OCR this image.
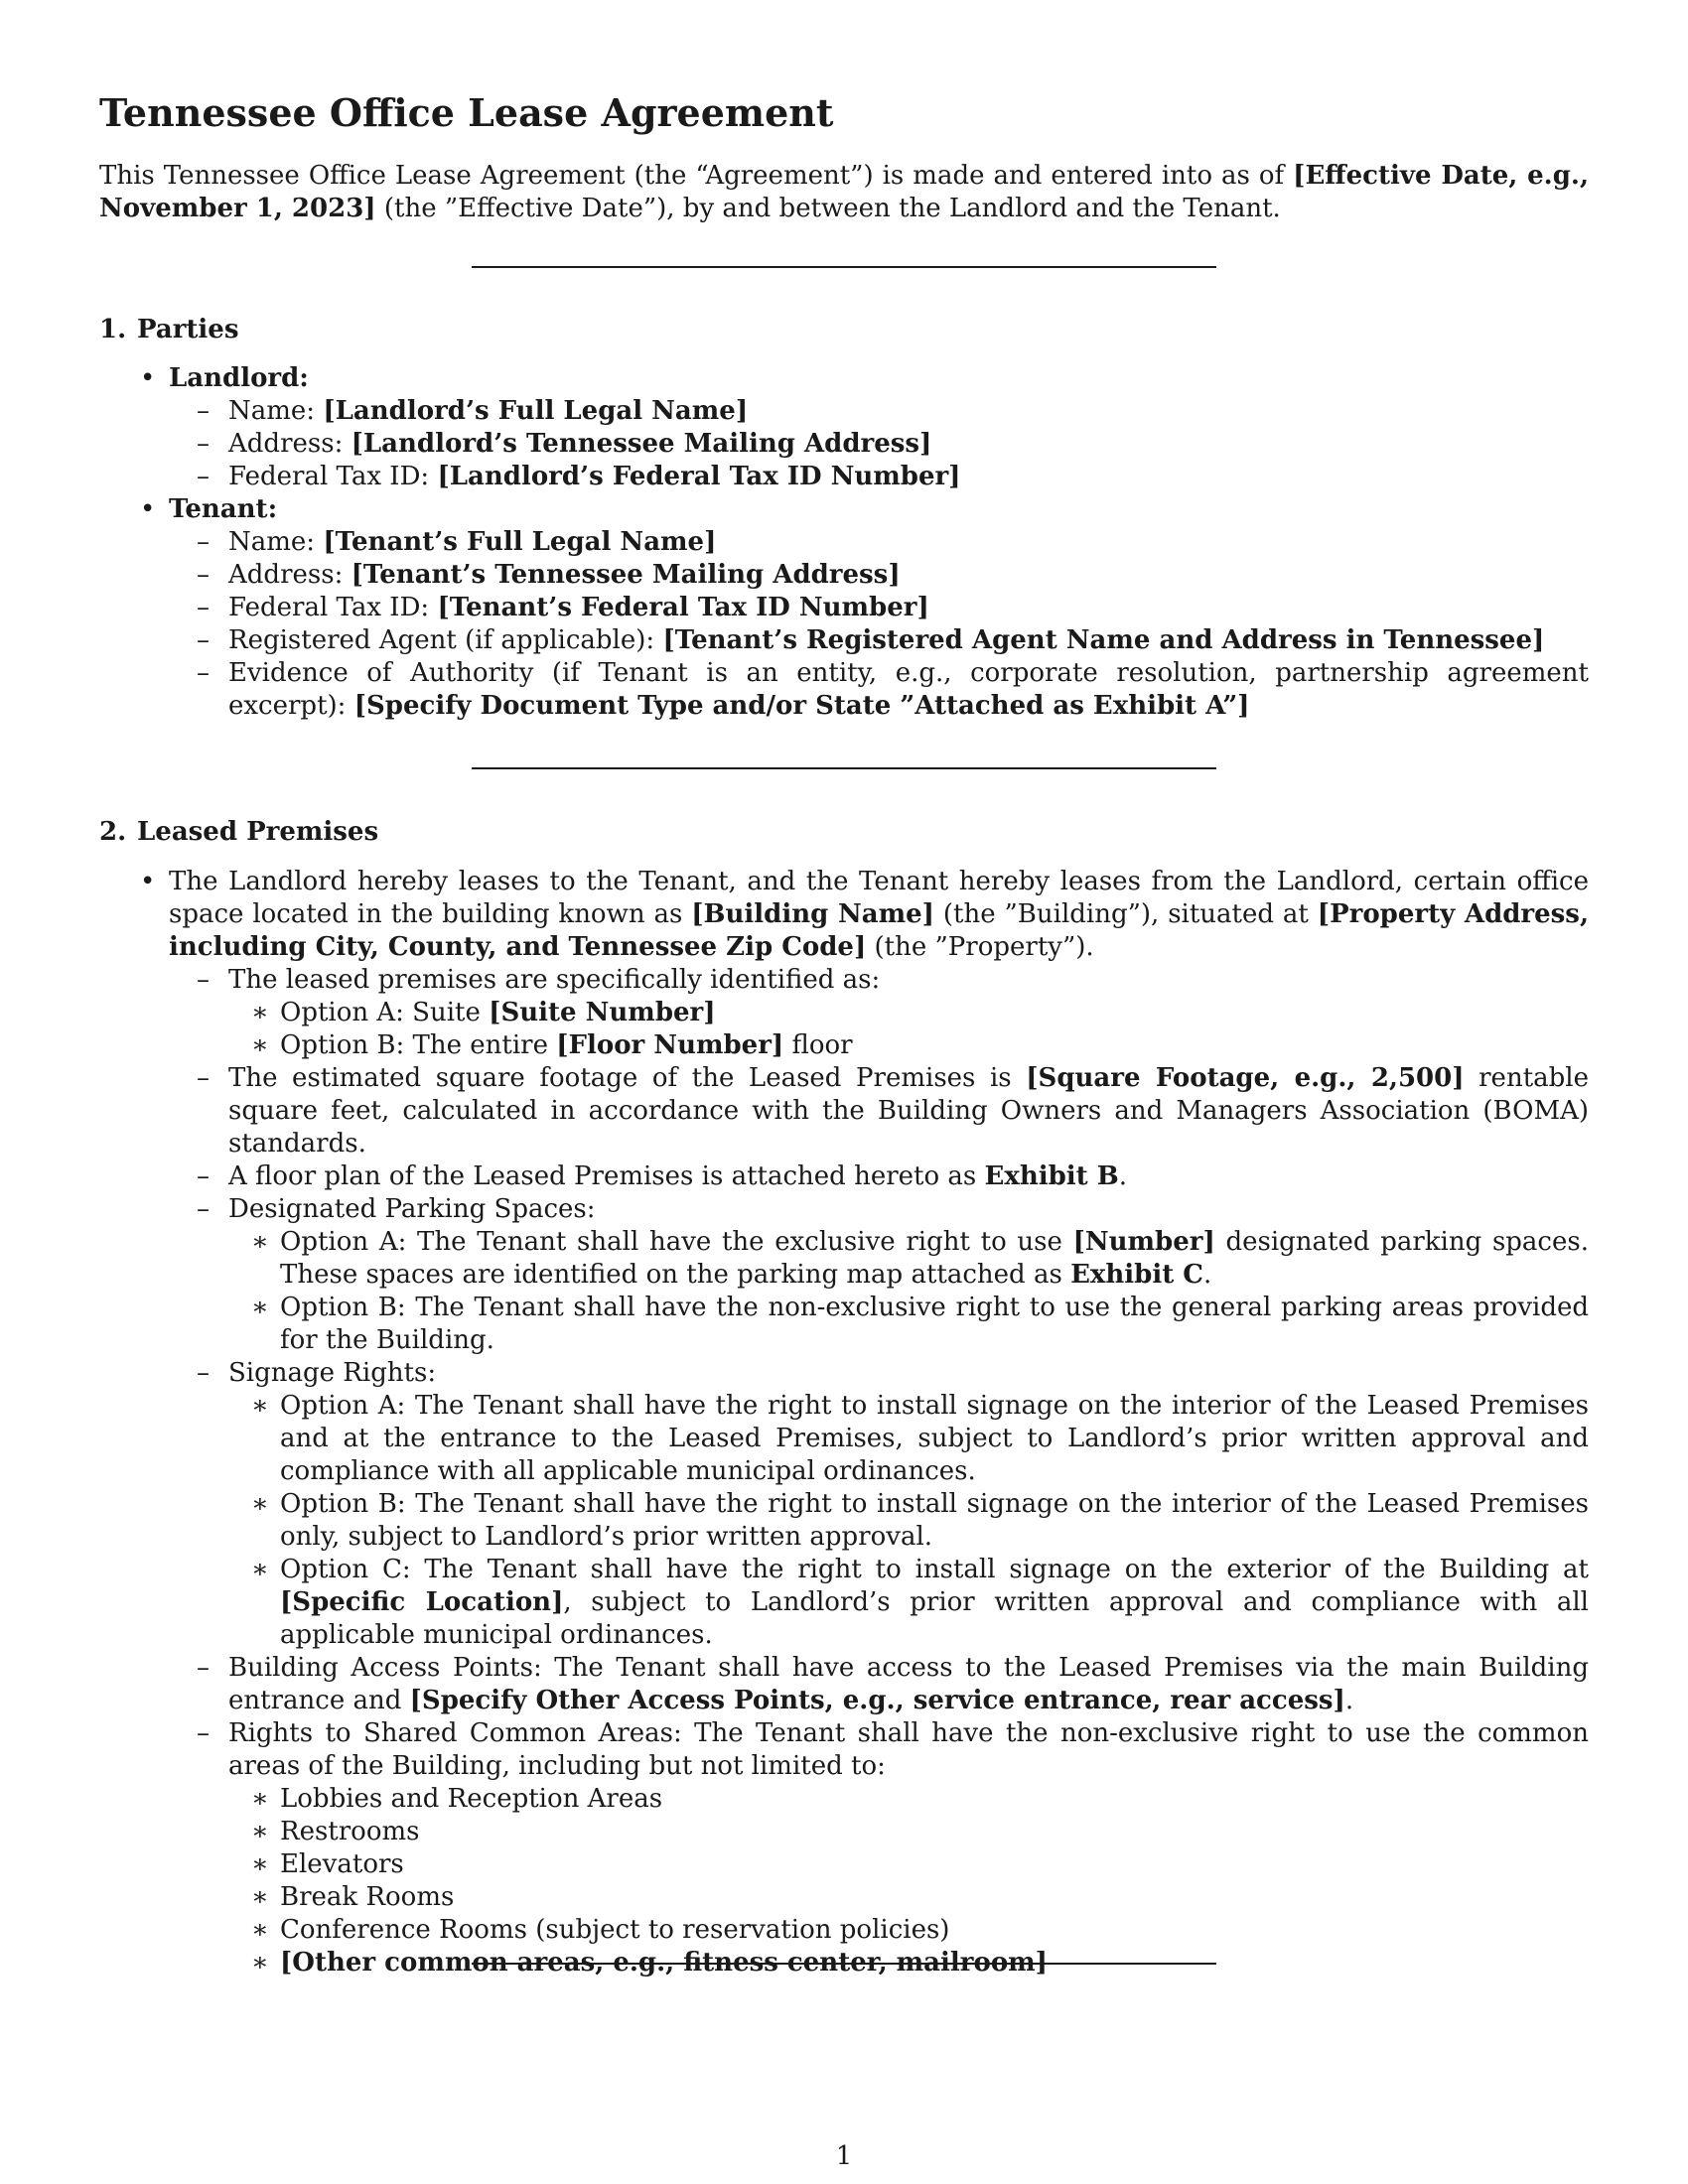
Tennessee Office Lease Agreement
This Tennessee Office Lease Agreement (the “Agreement”) is made and entered into as of [Effective Date, e.g., November 1, 2023] (the ”Effective Date”), by and between the Landlord and the Tenant.
1. Parties
• Landlord:
– Name: [Landlord’s Full Legal Name]
– Address: [Landlord’s Tennessee Mailing Address]
– Federal Tax ID: [Landlord’s Federal Tax ID Number]
• Tenant:
– Name: [Tenant’s Full Legal Name]
– Address: [Tenant’s Tennessee Mailing Address]
– Federal Tax ID: [Tenant’s Federal Tax ID Number]
– Registered Agent (if applicable): [Tenant’s Registered Agent Name and Address in Tennessee]
– Evidence of Authority (if Tenant is an entity, e.g., corporate resolution, partnership agreement excerpt): [Specify Document Type and/or State ”Attached as Exhibit A”]
2. Leased Premises
• The Landlord hereby leases to the Tenant, and the Tenant hereby leases from the Landlord, certain office space located in the building known as [Building Name] (the ”Building”), situated at [Property Address, including City, County, and Tennessee Zip Code] (the ”Property”).
– The leased premises are specifically identified as:
∗ Option A: Suite [Suite Number]
∗ Option B: The entire [Floor Number] floor
– The estimated square footage of the Leased Premises is [Square Footage, e.g., 2,500] rentable square feet, calculated in accordance with the Building Owners and Managers Association (BOMA) standards.
– A floor plan of the Leased Premises is attached hereto as Exhibit B.
– Designated Parking Spaces:
∗ Option A: The Tenant shall have the exclusive right to use [Number] designated parking spaces. These spaces are identified on the parking map attached as Exhibit C.
∗ Option B: The Tenant shall have the non-exclusive right to use the general parking areas provided for the Building.
– Signage Rights:
∗ Option A: The Tenant shall have the right to install signage on the interior of the Leased Premises and at the entrance to the Leased Premises, subject to Landlord’s prior written approval and compliance with all applicable municipal ordinances.
∗ Option B: The Tenant shall have the right to install signage on the interior of the Leased Premises only, subject to Landlord’s prior written approval.
∗ Option C: The Tenant shall have the right to install signage on the exterior of the Building at [Specific Location], subject to Landlord’s prior written approval and compliance with all applicable municipal ordinances.
– Building Access Points: The Tenant shall have access to the Leased Premises via the main Building entrance and [Specify Other Access Points, e.g., service entrance, rear access].
– Rights to Shared Common Areas: The Tenant shall have the non-exclusive right to use the common areas of the Building, including but not limited to:
∗ Lobbies and Reception Areas
∗ Restrooms
∗ Elevators
∗ Break Rooms
∗ Conference Rooms (subject to reservation policies)
∗ [Other common areas, e.g., fitness center, mailroom]
1
